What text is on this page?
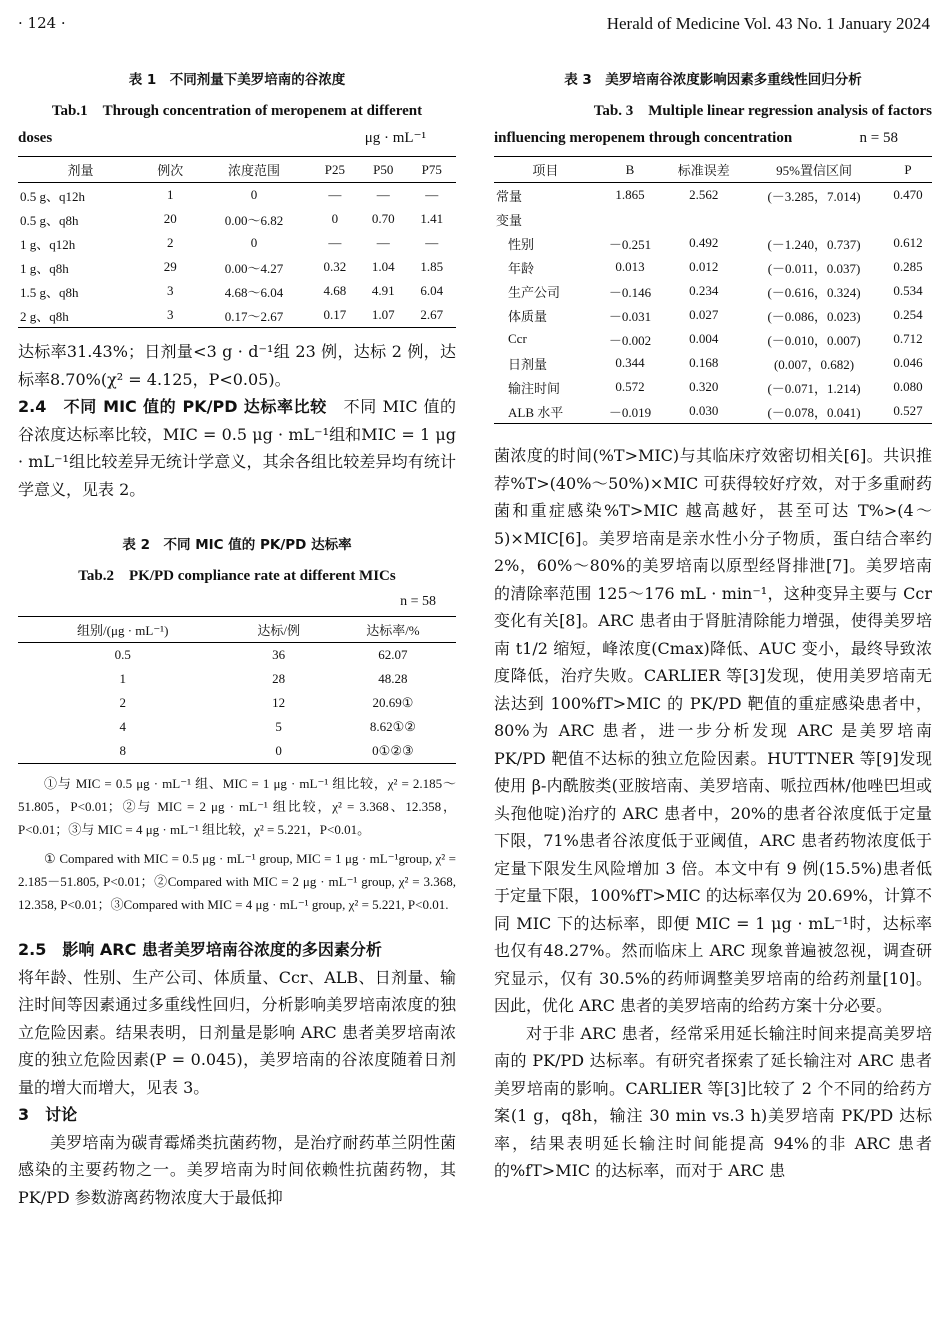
· 124 ·	Herald of Medicine Vol. 43 No. 1 January 2024
表 1　不同剂量下美罗培南的谷浓度
Tab.1　Through concentration of meropenem at different
doses	μg · mL⁻¹
剂量	例次	浓度范围	P25	P50	P75
0.5 g、q12h	1	0	—	—	—
0.5 g、q8h	20	0.00～6.82	0	0.70	1.41
1 g、q12h	2	0	—	—	—
1 g、q8h	29	0.00～4.27	0.32	1.04	1.85
1.5 g、q8h	3	4.68～6.04	4.68	4.91	6.04
2 g、q8h	3	0.17～2.67	0.17	1.07	2.67
达标率31.43%；日剂量<3 g · d⁻¹组 23 例，达标 2 例，达标率8.70%(χ² = 4.125，P<0.05)。

2.4　不同 MIC 值的 PK/PD 达标率比较　 不同 MIC 值的谷浓度达标率比较，MIC = 0.5 μg · mL⁻¹组和MIC = 1 μg · mL⁻¹组比较差异无统计学意义，其余各组比较差异均有统计学意义，见表 2。

表 2　不同 MIC 值的 PK/PD 达标率
Tab.2　PK/PD compliance rate at different MICs
n = 58
组别/(μg · mL⁻¹)	达标/例	达标率/%
0.5	36	62.07
1	28	48.28
2	12	20.69①
4	5	8.62①②
8	0	0①②③

①与 MIC = 0.5 μg · mL⁻¹ 组、MIC = 1 μg · mL⁻¹ 组比较，χ² = 2.185～51.805，P<0.01；②与 MIC = 2 μg · mL⁻¹ 组比较，χ² = 3.368、12.358，P<0.01；③与 MIC = 4 μg · mL⁻¹ 组比较，χ² = 5.221，P<0.01。

① Compared with MIC = 0.5 μg · mL⁻¹ group, MIC = 1 μg · mL⁻¹group, χ² = 2.185－51.805, P<0.01；②Compared with MIC = 2 μg · mL⁻¹ group, χ² = 3.368, 12.358, P<0.01；③Compared with MIC = 4 μg · mL⁻¹ group, χ² = 5.221, P<0.01.

2.5　影响 ARC 患者美罗培南谷浓度的多因素分析

将年龄、性别、生产公司、体质量、Ccr、ALB、日剂量、输注时间等因素通过多重线性回归，分析影响美罗培南浓度的独立危险因素。结果表明，日剂量是影响 ARC 患者美罗培南浓度的独立危险因素(P = 0.045)，美罗培南的谷浓度随着日剂量的增大而增大，见表 3。

3　讨论

美罗培南为碳青霉烯类抗菌药物，是治疗耐药革兰阴性菌感染的主要药物之一。美罗培南为时间依赖性抗菌药物，其 PK/PD 参数游离药物浓度大于最低抑

表 3　美罗培南谷浓度影响因素多重线性回归分析
Tab. 3　Multiple linear regression analysis of factors
influencing meropenem through concentration	n = 58
项目	B	标准误差	95%置信区间	P
常量	1.865	2.562	(－3.285，7.014)	0.470
变量				
性别	－0.251	0.492	(－1.240，0.737)	0.612
年龄	0.013	0.012	(－0.011，0.037)	0.285
生产公司	－0.146	0.234	(－0.616，0.324)	0.534
体质量	－0.031	0.027	(－0.086，0.023)	0.254
Ccr	－0.002	0.004	(－0.010，0.007)	0.712
日剂量	0.344	0.168	(0.007，0.682)	0.046
输注时间	0.572	0.320	(－0.071，1.214)	0.080
ALB 水平	－0.019	0.030	(－0.078，0.041)	0.527

菌浓度的时间(%T>MIC)与其临床疗效密切相关[6]。共识推荐%T>(40%～50%)×MIC 可获得较好疗效，对于多重耐药菌和重症感染%T>MIC 越高越好，甚至可达 T%>(4～5)×MIC[6]。美罗培南是亲水性小分子物质，蛋白结合率约 2%，60%～80%的美罗培南以原型经肾排泄[7]。美罗培南的清除率范围 125～176 mL · min⁻¹，这种变异主要与 Ccr 变化有关[8]。ARC 患者由于肾脏清除能力增强，使得美罗培南 t1/2 缩短，峰浓度(Cmax)降低、AUC 变小，最终导致浓度降低，治疗失败。CARLIER 等[3]发现，使用美罗培南无法达到 100%fT>MIC 的 PK/PD 靶值的重症感染患者中，80%为 ARC 患者，进一步分析发现 ARC 是美罗培南 PK/PD 靶值不达标的独立危险因素。HUTTNER 等[9]发现使用 β-内酰胺类(亚胺培南、美罗培南、哌拉西林/他唑巴坦或头孢他啶)治疗的 ARC 患者中，20%的患者谷浓度低于定量下限，71%患者谷浓度低于亚阈值，ARC 患者药物浓度低于定量下限发生风险增加 3 倍。本文中有 9 例(15.5%)患者低于定量下限，100%fT>MIC 的达标率仅为 20.69%，计算不同 MIC 下的达标率，即便 MIC = 1 μg · mL⁻¹时，达标率也仅有48.27%。然而临床上 ARC 现象普遍被忽视，调查研究显示，仅有 30.5%的药师调整美罗培南的给药剂量[10]。因此，优化 ARC 患者的美罗培南的给药方案十分必要。

对于非 ARC 患者，经常采用延长输注时间来提高美罗培南的 PK/PD 达标率。有研究者探索了延长输注对 ARC 患者美罗培南的影响。CARLIER 等[3]比较了 2 个不同的给药方案(1 g，q8h，输注 30 min vs.3 h)美罗培南 PK/PD 达标率，结果表明延长输注时间能提高 94%的非 ARC 患者的%fT>MIC 的达标率，而对于 ARC 患
